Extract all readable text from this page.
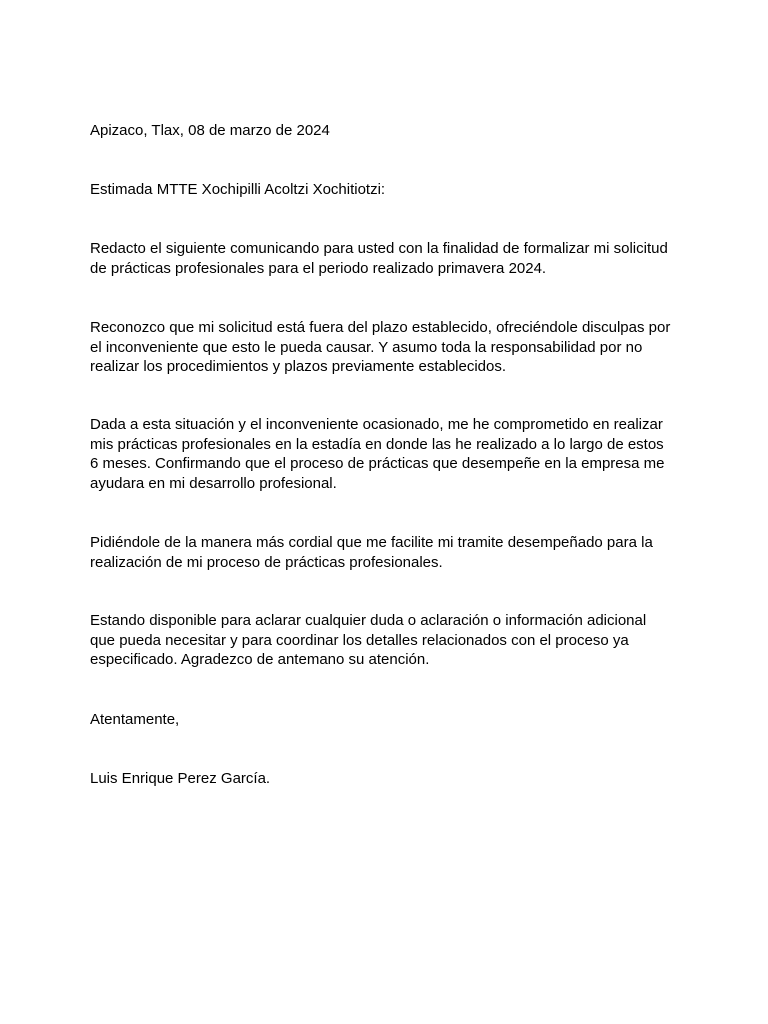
Apizaco, Tlax, 08 de marzo de 2024

Estimada MTTE Xochipilli Acoltzi Xochitiotzi:

Redacto el siguiente comunicando para usted con la finalidad de formalizar mi solicitud
de prácticas profesionales para el periodo realizado primavera 2024.

Reconozco que mi solicitud está fuera del plazo establecido, ofreciéndole disculpas por
el inconveniente que esto le pueda causar. Y asumo toda la responsabilidad por no
realizar los procedimientos y plazos previamente establecidos.

Dada a esta situación y el inconveniente ocasionado, me he comprometido en realizar
mis prácticas profesionales en la estadía en donde las he realizado a lo largo de estos
6 meses. Confirmando que el proceso de prácticas que desempeñe en la empresa me
ayudara en mi desarrollo profesional.

Pidiéndole de la manera más cordial que me facilite mi tramite desempeñado para la
realización de mi proceso de prácticas profesionales.

Estando disponible para aclarar cualquier duda o aclaración o información adicional
que pueda necesitar y para coordinar los detalles relacionados con el proceso ya
especificado. Agradezco de antemano su atención.

Atentamente,

Luis Enrique Perez García.
